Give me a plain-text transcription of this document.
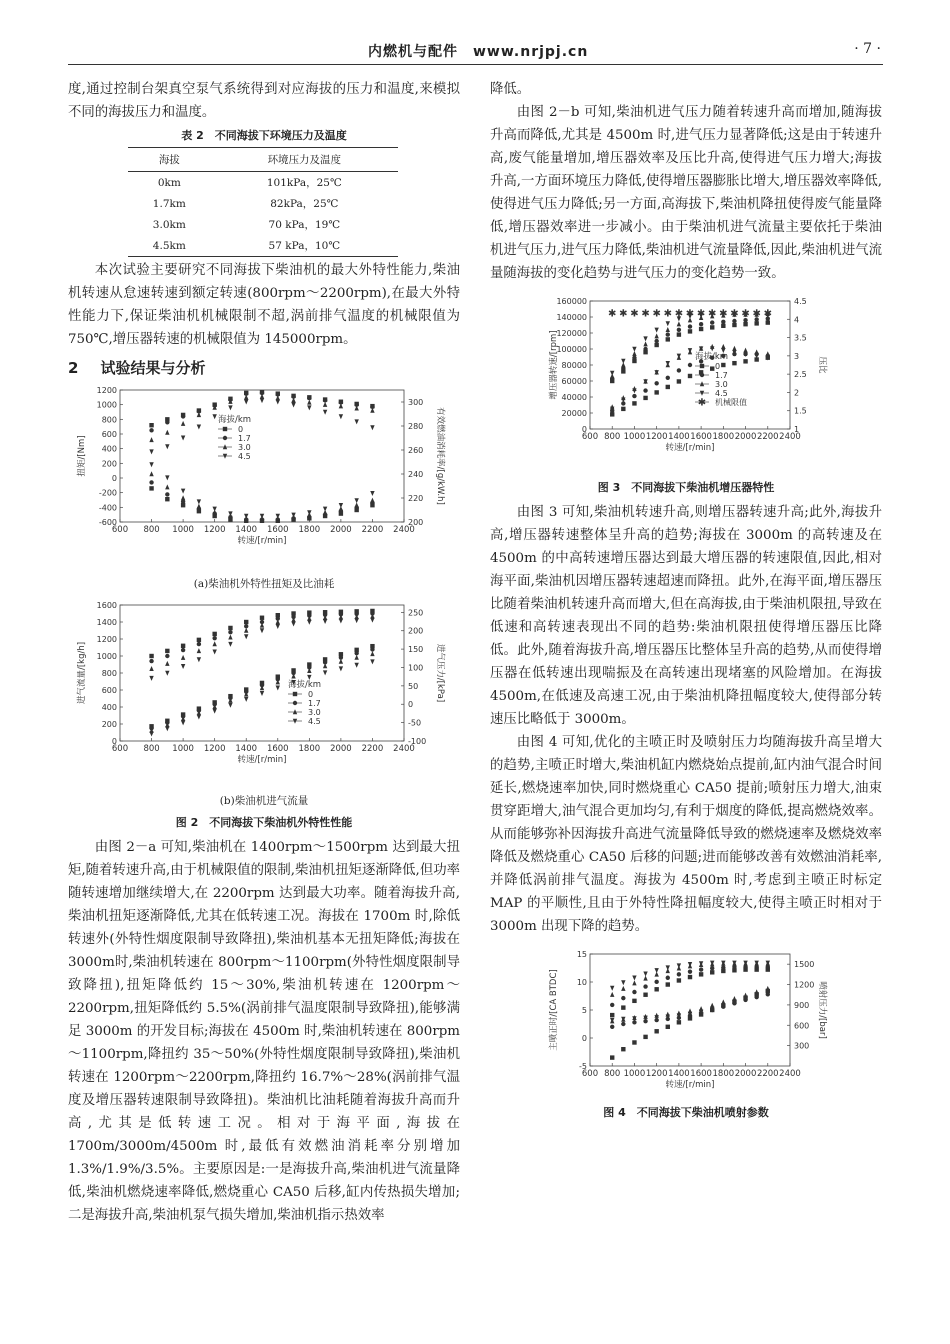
内燃机与配件　www.nrjpj.cn	· 7 ·

度,通过控制台架真空泵气系统得到对应海拔的压力和温度,来模拟不同的海拔压力和温度。

表 2　不同海拔下环境压力及温度
海拔	环境压力及温度
0km	101kPa，25℃
1.7km	82kPa，25℃
3.0km	70 kPa，19℃
4.5km	57 kPa，10℃

本次试验主要研究不同海拔下柴油机的最大外特性能力,柴油机转速从怠速转速到额定转速(800rpm～2200rpm),在最大外特性能力下,保证柴油机机械限制不超,涡前排气温度的机械限值为 750℃,增压器转速的机械限值为 145000rpm。

2 试验结果与分析
600 800 1000 1200 1400 1600 1800 2000 2200 2400
-600
-400
-200
0
200
400
600
800
1000
1200
200
220
240
260
280
300
转速/[r/min]
扭矩/[Nm]	有效燃油消耗率/[g/kW.h]
海拔/km
0
1.7
3.0
4.5
(a)柴油机外特性扭矩及比油耗
600 800 1000 1200 1400 1600 1800 2000 2200 2400
0
200
400
600
800
1000
1200
1400
1600
-100
-50
0
50
100
150
200
250
转速/[r/min]
进气流量/[kg/h]	进气压力/[kPa]
海拔/km
0
1.7
3.0
4.5
(b)柴油机进气流量
图 2　不同海拔下柴油机外特性性能

由图 2－a 可知,柴油机在 1400rpm～1500rpm 达到最大扭矩,随着转速升高,由于机械限值的限制,柴油机扭矩逐渐降低,但功率随转速增加继续增大,在 2200rpm 达到最大功率。随着海拔升高,柴油机扭矩逐渐降低,尤其在低转速工况。海拔在 1700m 时,除低转速外(外特性烟度限制导致降扭),柴油机基本无扭矩降低;海拔在 3000m时,柴油机转速在 800rpm～1100rpm(外特性烟度限制导致降扭),扭矩降低约 15～30%,柴油机转速在 1200rpm～2200rpm,扭矩降低约 5.5%(涡前排气温度限制导致降扭),能够满足 3000m 的开发目标;海拔在 4500m 时,柴油机转速在 800rpm～1100rpm,降扭约 35～50%(外特性烟度限制导致降扭),柴油机转速在 1200rpm～2200rpm,降扭约 16.7%～28%(涡前排气温度及增压器转速限制导致降扭)。柴油机比油耗随着海拔升高而升高,尤其是低转速工况。相对于海平面,海拔在 1700m/3000m/4500m 时,最低有效燃油消耗率分别增加 1.3%/1.9%/3.5%。主要原因是:一是海拔升高,柴油机进气流量降低,柴油机燃烧速率降低,燃烧重心 CA50 后移,缸内传热损失增加;二是海拔升高,柴油机泵气损失增加,柴油机指示热效率

降低。

由图 2－b 可知,柴油机进气压力随着转速升高而增加,随海拔升高而降低,尤其是 4500m 时,进气压力显著降低;这是由于转速升高,废气能量增加,增压器效率及压比升高,使得进气压力增大;海拔升高,一方面环境压力降低,使得增压器膨胀比增大,增压器效率降低,使得进气压力降低;另一方面,高海拔下,柴油机降扭使得废气能量降低,增压器效率进一步减小。由于柴油机进气流量主要依托于柴油机进气压力,进气压力降低,柴油机进气流量降低,因此,柴油机进气流量随海拔的变化趋势与进气压力的变化趋势一致。

600 800 1000 1200 1400 1600 1800 2000 2200 2400
0
20000
40000
60000
80000
100000
120000
140000
160000
1
1.5
2
2.5
3
3.5
4
4.5
转速/[r/min]
增压器转速/[rpm]	压比
✱ ✱ ✱ ✱ ✱ ✱ ✱ ✱ ✱ ✱ ✱ ✱ ✱ ✱ ✱
海拔/km
0
1.7
3.0
4.5
✱ 机械限值
图 3　不同海拔下柴油机增压器特性

由图 3 可知,柴油机转速升高,则增压器转速升高;此外,海拔升高,增压器转速整体呈升高的趋势;海拔在 3000m 的高转速及在 4500m 的中高转速增压器达到最大增压器的转速限值,因此,相对海平面,柴油机因增压器转速超速而降扭。此外,在海平面,增压器压比随着柴油机转速升高而增大,但在高海拔,由于柴油机限扭,导致在低速和高转速表现出不同的趋势:柴油机限扭使得增压器压比降低。此外,随着海拔升高,增压器压比整体呈升高的趋势,从而使得增压器在低转速出现喘振及在高转速出现堵塞的风险增加。在海拔 4500m,在低速及高速工况,由于柴油机降扭幅度较大,使得部分转速压比略低于 3000m。

由图 4 可知,优化的主喷正时及喷射压力均随海拔升高呈增大的趋势,主喷正时增大,柴油机缸内燃烧始点提前,缸内油气混合时间延长,燃烧速率加快,同时燃烧重心 CA50 提前;喷射压力增大,油束贯穿距增大,油气混合更加均匀,有利于烟度的降低,提高燃烧效率。从而能够弥补因海拔升高进气流量降低导致的燃烧速率及燃烧效率降低及燃烧重心 CA50 后移的问题;进而能够改善有效燃油消耗率,并降低涡前排气温度。海拔为 4500m 时,考虑到主喷正时标定 MAP 的平顺性,且由于外特性降扭幅度较大,使得主喷正时相对于 3000m 出现下降的趋势。

600 800 1000 1200 1400 1600 1800 2000 2200 2400
-5
0
5
10
15
300
600
900
1200
1500
转速/[r/min]
主喷正时/[CA BTDC]	喷射压力/[bar]
图 4　不同海拔下柴油机喷射参数
